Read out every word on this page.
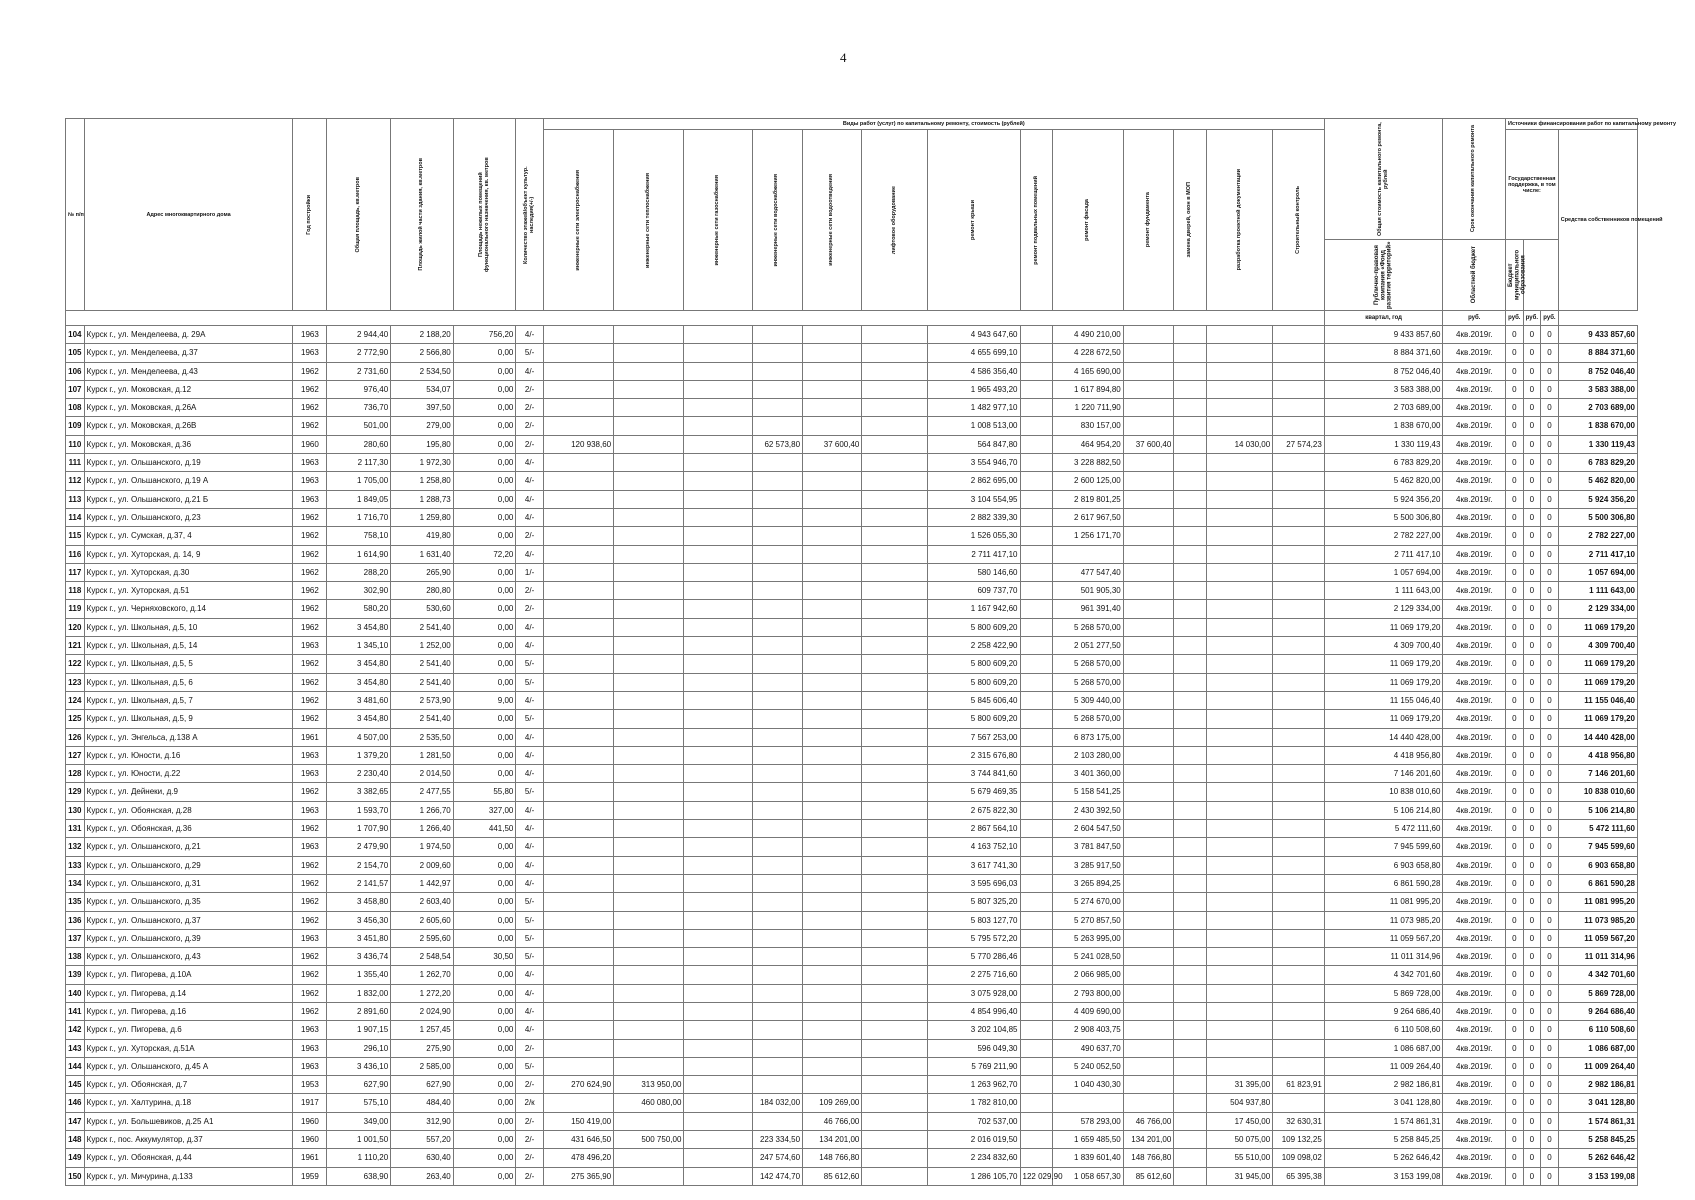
4
№ п/п	Адрес многоквартирного дома	Год постройки	Общая площадь, кв.метров	Площадь жилой части здания, кв.метров	Площадь нежилых помещений функционального назначения, кв. метров	Количество этажей/объект культур. наследия(+/-)	Виды работ (услуг) по капитальному ремонту, стоимость (рублей)													Общая стоимость капитального ремонта, рублей	Срок окончания капитального ремонта	Источники финансирования работ по капитальному ремонту			

							инженерные сети электроснабжения	инженерные сети теплоснабжения	инженерные сети газоснабжения	инженерные сети водоснабжения	инженерные сети водоотведения	лифтовое оборудование	ремонт крыши	ремонт подвальных помещений	ремонт фасада	ремонт фундамента	замена дверей, окон в МОП	разработка проектной документации	Строительный контроль			Государственная поддержка, в том числе:			Средства собственников помещений

																				Публично-правовая компания «Фонд развития территорий»	Областной бюджет	Бюджет муниципального образования			

																				квартал, год	руб.	руб.	руб.	руб.	
104	Курск г., ул. Менделеева, д. 29А	1963	2 944,40	2 188,20	756,20	4/-							4 943 647,60		4 490 210,00					9 433 857,60	4кв.2019г.	0	0	0	9 433 857,60
105	Курск г., ул. Менделеева, д.37	1963	2 772,90	2 566,80	0,00	5/-							4 655 699,10		4 228 672,50					8 884 371,60	4кв.2019г.	0	0	0	8 884 371,60
106	Курск г., ул. Менделеева, д.43	1962	2 731,60	2 534,50	0,00	4/-							4 586 356,40		4 165 690,00					8 752 046,40	4кв.2019г.	0	0	0	8 752 046,40
107	Курск г., ул. Моковская, д.12	1962	976,40	534,07	0,00	2/-							1 965 493,20		1 617 894,80					3 583 388,00	4кв.2019г.	0	0	0	3 583 388,00
108	Курск г., ул. Моковская, д.26А	1962	736,70	397,50	0,00	2/-							1 482 977,10		1 220 711,90					2 703 689,00	4кв.2019г.	0	0	0	2 703 689,00
109	Курск г., ул. Моковская, д.26В	1962	501,00	279,00	0,00	2/-							1 008 513,00		830 157,00					1 838 670,00	4кв.2019г.	0	0	0	1 838 670,00
110	Курск г., ул. Моковская, д.36	1960	280,60	195,80	0,00	2/-	120 938,60			62 573,80	37 600,40		564 847,80		464 954,20	37 600,40		14 030,00	27 574,23	1 330 119,43	4кв.2019г.	0	0	0	1 330 119,43
111	Курск г., ул. Ольшанского, д.19	1963	2 117,30	1 972,30	0,00	4/-							3 554 946,70		3 228 882,50					6 783 829,20	4кв.2019г.	0	0	0	6 783 829,20
112	Курск г., ул. Ольшанского, д.19 А	1963	1 705,00	1 258,80	0,00	4/-							2 862 695,00		2 600 125,00					5 462 820,00	4кв.2019г.	0	0	0	5 462 820,00
113	Курск г., ул. Ольшанского, д.21 Б	1963	1 849,05	1 288,73	0,00	4/-							3 104 554,95		2 819 801,25					5 924 356,20	4кв.2019г.	0	0	0	5 924 356,20
114	Курск г., ул. Ольшанского, д.23	1962	1 716,70	1 259,80	0,00	4/-							2 882 339,30		2 617 967,50					5 500 306,80	4кв.2019г.	0	0	0	5 500 306,80
115	Курск г., ул. Сумская, д.37, 4	1962	758,10	419,80	0,00	2/-							1 526 055,30		1 256 171,70					2 782 227,00	4кв.2019г.	0	0	0	2 782 227,00
116	Курск г., ул. Хуторская, д. 14, 9	1962	1 614,90	1 631,40	72,20	4/-							2 711 417,10							2 711 417,10	4кв.2019г.	0	0	0	2 711 417,10
117	Курск г., ул. Хуторская, д.30	1962	288,20	265,90	0,00	1/-							580 146,60		477 547,40					1 057 694,00	4кв.2019г.	0	0	0	1 057 694,00
118	Курск г., ул. Хуторская, д.51	1962	302,90	280,80	0,00	2/-							609 737,70		501 905,30					1 111 643,00	4кв.2019г.	0	0	0	1 111 643,00
119	Курск г., ул. Черняховского, д.14	1962	580,20	530,60	0,00	2/-							1 167 942,60		961 391,40					2 129 334,00	4кв.2019г.	0	0	0	2 129 334,00
120	Курск г., ул. Школьная, д.5, 10	1962	3 454,80	2 541,40	0,00	4/-							5 800 609,20		5 268 570,00					11 069 179,20	4кв.2019г.	0	0	0	11 069 179,20
121	Курск г., ул. Школьная, д.5, 14	1963	1 345,10	1 252,00	0,00	4/-							2 258 422,90		2 051 277,50					4 309 700,40	4кв.2019г.	0	0	0	4 309 700,40
122	Курск г., ул. Школьная, д.5, 5	1962	3 454,80	2 541,40	0,00	5/-							5 800 609,20		5 268 570,00					11 069 179,20	4кв.2019г.	0	0	0	11 069 179,20
123	Курск г., ул. Школьная, д.5, 6	1962	3 454,80	2 541,40	0,00	5/-							5 800 609,20		5 268 570,00					11 069 179,20	4кв.2019г.	0	0	0	11 069 179,20
124	Курск г., ул. Школьная, д.5, 7	1962	3 481,60	2 573,90	9,00	4/-							5 845 606,40		5 309 440,00					11 155 046,40	4кв.2019г.	0	0	0	11 155 046,40
125	Курск г., ул. Школьная, д.5, 9	1962	3 454,80	2 541,40	0,00	5/-							5 800 609,20		5 268 570,00					11 069 179,20	4кв.2019г.	0	0	0	11 069 179,20
126	Курск г., ул. Энгельса, д.138 А	1961	4 507,00	2 535,50	0,00	4/-							7 567 253,00		6 873 175,00					14 440 428,00	4кв.2019г.	0	0	0	14 440 428,00
127	Курск г., ул. Юности, д.16	1963	1 379,20	1 281,50	0,00	4/-							2 315 676,80		2 103 280,00					4 418 956,80	4кв.2019г.	0	0	0	4 418 956,80
128	Курск г., ул. Юности, д.22	1963	2 230,40	2 014,50	0,00	4/-							3 744 841,60		3 401 360,00					7 146 201,60	4кв.2019г.	0	0	0	7 146 201,60
129	Курск г., ул. Дейнеки, д.9	1962	3 382,65	2 477,55	55,80	5/-							5 679 469,35		5 158 541,25					10 838 010,60	4кв.2019г.	0	0	0	10 838 010,60
130	Курск г., ул. Обоянская, д.28	1963	1 593,70	1 266,70	327,00	4/-							2 675 822,30		2 430 392,50					5 106 214,80	4кв.2019г.	0	0	0	5 106 214,80
131	Курск г., ул. Обоянская, д.36	1962	1 707,90	1 266,40	441,50	4/-							2 867 564,10		2 604 547,50					5 472 111,60	4кв.2019г.	0	0	0	5 472 111,60
132	Курск г., ул. Ольшанского, д.21	1963	2 479,90	1 974,50	0,00	4/-							4 163 752,10		3 781 847,50					7 945 599,60	4кв.2019г.	0	0	0	7 945 599,60
133	Курск г., ул. Ольшанского, д.29	1962	2 154,70	2 009,60	0,00	4/-							3 617 741,30		3 285 917,50					6 903 658,80	4кв.2019г.	0	0	0	6 903 658,80
134	Курск г., ул. Ольшанского, д.31	1962	2 141,57	1 442,97	0,00	4/-							3 595 696,03		3 265 894,25					6 861 590,28	4кв.2019г.	0	0	0	6 861 590,28
135	Курск г., ул. Ольшанского, д.35	1962	3 458,80	2 603,40	0,00	5/-							5 807 325,20		5 274 670,00					11 081 995,20	4кв.2019г.	0	0	0	11 081 995,20
136	Курск г., ул. Ольшанского, д.37	1962	3 456,30	2 605,60	0,00	5/-							5 803 127,70		5 270 857,50					11 073 985,20	4кв.2019г.	0	0	0	11 073 985,20
137	Курск г., ул. Ольшанского, д.39	1963	3 451,80	2 595,60	0,00	5/-							5 795 572,20		5 263 995,00					11 059 567,20	4кв.2019г.	0	0	0	11 059 567,20
138	Курск г., ул. Ольшанского, д.43	1962	3 436,74	2 548,54	30,50	5/-							5 770 286,46		5 241 028,50					11 011 314,96	4кв.2019г.	0	0	0	11 011 314,96
139	Курск г., ул. Пигорева, д.10А	1962	1 355,40	1 262,70	0,00	4/-							2 275 716,60		2 066 985,00					4 342 701,60	4кв.2019г.	0	0	0	4 342 701,60
140	Курск г., ул. Пигорева, д.14	1962	1 832,00	1 272,20	0,00	4/-							3 075 928,00		2 793 800,00					5 869 728,00	4кв.2019г.	0	0	0	5 869 728,00
141	Курск г., ул. Пигорева, д.16	1962	2 891,60	2 024,90	0,00	4/-							4 854 996,40		4 409 690,00					9 264 686,40	4кв.2019г.	0	0	0	9 264 686,40
142	Курск г., ул. Пигорева, д.6	1963	1 907,15	1 257,45	0,00	4/-							3 202 104,85		2 908 403,75					6 110 508,60	4кв.2019г.	0	0	0	6 110 508,60
143	Курск г., ул. Хуторская, д.51А	1963	296,10	275,90	0,00	2/-							596 049,30		490 637,70					1 086 687,00	4кв.2019г.	0	0	0	1 086 687,00
144	Курск г., ул. Ольшанского, д.45 А	1963	3 436,10	2 585,00	0,00	5/-							5 769 211,90		5 240 052,50					11 009 264,40	4кв.2019г.	0	0	0	11 009 264,40
145	Курск г., ул. Обоянская, д.7	1953	627,90	627,90	0,00	2/-	270 624,90	313 950,00					1 263 962,70		1 040 430,30			31 395,00	61 823,91	2 982 186,81	4кв.2019г.	0	0	0	2 982 186,81
146	Курск г., ул. Халтурина, д.18	1917	575,10	484,40	0,00	2/к		460 080,00		184 032,00	109 269,00		1 782 810,00					504 937,80		3 041 128,80	4кв.2019г.	0	0	0	3 041 128,80
147	Курск г., ул. Большевиков, д.25 А1	1960	349,00	312,90	0,00	2/-	150 419,00				46 766,00		702 537,00		578 293,00	46 766,00		17 450,00	32 630,31	1 574 861,31	4кв.2019г.	0	0	0	1 574 861,31
148	Курск г., пос. Аккумулятор, д.37	1960	1 001,50	557,20	0,00	2/-	431 646,50	500 750,00		223 334,50	134 201,00		2 016 019,50		1 659 485,50	134 201,00		50 075,00	109 132,25	5 258 845,25	4кв.2019г.	0	0	0	5 258 845,25
149	Курск г., ул. Обоянская, д.44	1961	1 110,20	630,40	0,00	2/-	478 496,20			247 574,60	148 766,80		2 234 832,60		1 839 601,40	148 766,80		55 510,00	109 098,02	5 262 646,42	4кв.2019г.	0	0	0	5 262 646,42
150	Курск г., ул. Мичурина, д.133	1959	638,90	263,40	0,00	2/-	275 365,90			142 474,70	85 612,60		1 286 105,70	122 029,90	1 058 657,30	85 612,60		31 945,00	65 395,38	3 153 199,08	4кв.2019г.	0	0	0	3 153 199,08
